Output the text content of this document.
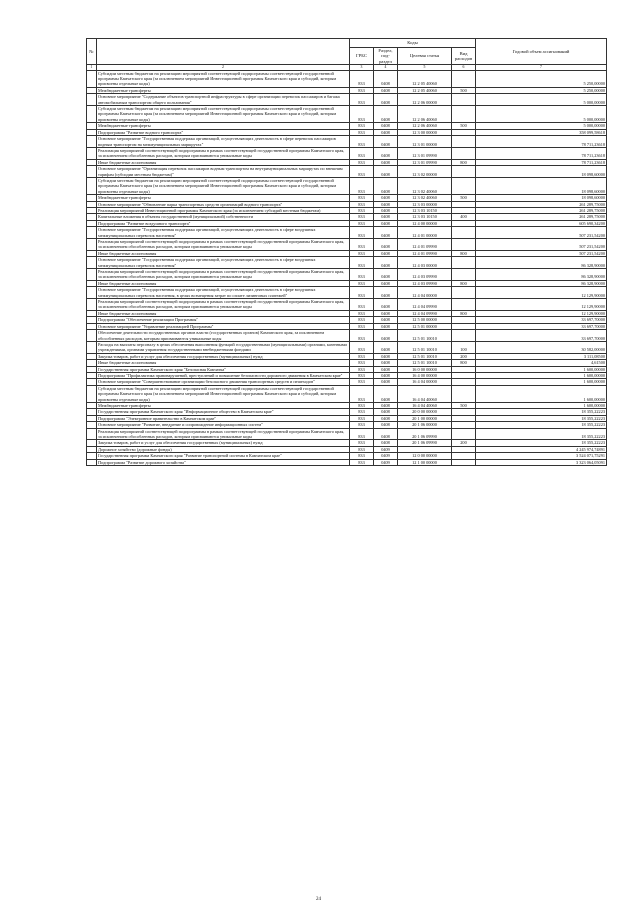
№		Коды				Годовой объем ассигнований
		ГРБС	Раздел, под-раздел	Целевая статья	Вид расходов	
1	2	3	4	5	6	7
	Субсидии местным бюджетам на реализацию мероприятий соответствующей подпрограммы соответствующей государственной программы Камчатского края (за исключением мероприятий Инвестиционной программы Камчатского края и субсидий, которым присвоены отдельные коды)	833	0408	12 2 05 40060		5 250,00000
	Межбюджетные трансферты	833	0408	12 2 05 40060	500	5 250,00000
	Основное мероприятие "Содержание объектов транспортной инфраструктуры в сфере организации перевозок пассажиров и багажа автомобильным транспортом общего пользования"	833	0408	12 2 06 00000		5 000,00000
	Субсидии местным бюджетам на реализацию мероприятий соответствующей подпрограммы соответствующей государственной программы Камчатского края (за исключением мероприятий Инвестиционной программы Камчатского края и субсидий, которым присвоены отдельные коды)	833	0408	12 2 06 40060		5 000,00000
	Межбюджетные трансферты	833	0408	12 2 06 40060	500	5 000,00000
	Подпрограмма "Развитие водного транспорта"	833	0408	12 3 00 00000		358 099,58618
	Основное мероприятие "Государственная поддержка организаций, осуществляющих деятельность в сфере перевозок пассажиров водным транспортом на межмуниципальных маршрутах"	833	0408	12 3 01 00000		78 711,23618
	Реализация мероприятий соответствующей подпрограммы в рамках соответствующей государственной программы Камчатского края, за исключением обособленных расходов, которым присваиваются уникальные коды	833	0408	12 3 01 09990		78 711,23618
	Иные бюджетные ассигнования	833	0408	12 3 01 09990	800	78 711,23618
	Основное мероприятие "Организация перевозок пассажиров водным транспортом на внутримуниципальных маршрутах по внешним тарифам (субсидии местным бюджетам)"	833	0408	12 3 02 00000		18 098,60000
	Субсидии местным бюджетам на реализацию мероприятий соответствующей подпрограммы соответствующей государственной программы Камчатского края (за исключением мероприятий Инвестиционной программы Камчатского края и субсидий, которым присвоены отдельные коды)	833	0408	12 3 02 40060		18 098,60000
	Межбюджетные трансферты	833	0408	12 3 02 40060	500	18 098,60000
	Основное мероприятие "Обновление парка транспортных средств организаций водного транспорта"	833	0408	12 3 03 00000		261 289,75000
	Реализация мероприятий Инвестиционной программы Камчатского края (за исключением субсидий местным бюджетам)	833	0408	12 3 03 10150		261 289,75000
	Капитальные вложения в объекты государственной (муниципальной) собственности	833	0408	12 3 03 10150	400	261 289,75000
	Подпрограмма "Развитие воздушного транспорта"	833	0408	12 4 00 00000		605 690,34200
	Основное мероприятие "Государственная поддержка организаций, осуществляющих деятельность в сфере воздушных межмуниципальных перевозок населения"	833	0408	12 4 01 00000		507 231,54200
	Реализация мероприятий соответствующей подпрограммы в рамках соответствующей государственной программы Камчатского края, за исключением обособленных расходов, которым присваиваются уникальные коды	833	0408	12 4 01 09990		507 231,54200
	Иные бюджетные ассигнования	833	0408	12 4 01 09990	800	507 231,54200
	Основное мероприятие "Государственная поддержка организаций, осуществляющих деятельность в сфере воздушных межмуниципальных перевозок населения"	833	0408	12 4 03 00000		86 328,90000
	Реализация мероприятий соответствующей подпрограммы в рамках соответствующей государственной программы Камчатского края, за исключением обособленных расходов, которым присваиваются уникальные коды	833	0408	12 4 03 09990		86 328,90000
	Иные бюджетные ассигнования	833	0408	12 4 03 09990	800	86 328,90000
	Основное мероприятие "Государственная поддержка организаций, осуществляющих деятельность в сфере воздушных межмуниципальных перевозок населения, в целях возмещения затрат по оплате лизинговых платежей"	833	0408	12 4 04 00000		12 129,90000
	Реализация мероприятий соответствующей подпрограммы в рамках соответствующей государственной программы Камчатского края, за исключением обособленных расходов, которым присваиваются уникальные коды	833	0408	12 4 04 09990		12 129,90000
	Иные бюджетные ассигнования	833	0408	12 4 04 09990	800	12 129,90000
	Подпрограмма "Обеспечение реализации Программы"	833	0408	12 5 00 00000		33 697,70000
	Основное мероприятие "Управление реализацией Программы"	833	0408	12 5 01 00000		33 697,70000
	Обеспечение деятельности государственных органов власти (государственных органов) Камчатского края, за исключением обособленных расходов, которым присваиваются уникальные коды	833	0408	12 5 01 10010		33 697,70000
	Расходы на выплаты персоналу в целях обеспечения выполнения функций государственными (муниципальными) органами, казенными учреждениями, органами управления государственными внебюджетными фондами	833	0408	12 5 01 10010	100	30 582,00000
	Закупка товаров, работ и услуг для обеспечения государственных (муниципальных) нужд	833	0408	12 5 01 10010	200	3 111,08500
	Иные бюджетные ассигнования	833	0408	12 5 01 10010	800	4,61500
	Государственная программа Камчатского края "Безопасная Камчатка"	833	0408	16 0 00 00000		1 600,00000
	Подпрограмма "Профилактика правонарушений, преступлений и повышение безопасности дорожного движения в Камчатском крае"	833	0408	16 4 00 00000		1 600,00000
	Основное мероприятие "Совершенствование организации безопасного движения транспортных средств и пешеходов"	833	0408	16 4 04 00000		1 600,00000
	Субсидии местным бюджетам на реализацию мероприятий соответствующей подпрограммы соответствующей государственной программы Камчатского края (за исключением мероприятий Инвестиционной программы Камчатского края и субсидий, которым присвоены отдельные коды)	833	0408	16 4 04 40060		1 600,00000
	Межбюджетные трансферты	833	0408	16 4 04 40060	500	1 600,00000
	Государственная программа Камчатского края "Информационное общество в Камчатском крае"	833	0408	20 0 00 00000		18 355,22223
	Подпрограмма "Электронное правительство в Камчатском крае"	833	0408	20 1 00 00000		18 355,22223
	Основное мероприятие "Развитие, внедрение и сопровождение информационных систем"	833	0408	20 1 06 00000		18 355,22223
	Реализация мероприятий соответствующей подпрограммы в рамках соответствующей государственной программы Камчатского края, за исключением обособленных расходов, которым присваиваются уникальные коды	833	0408	20 1 06 09990		18 355,22223
	Закупка товаров, работ и услуг для обеспечения государственных (муниципальных) нужд	833	0408	20 1 06 09990	200	18 355,22223
	Дорожное хозяйство (дорожные фонды)	833	0409			4 245 974,74891
	Государственная программа Камчатского края "Развитие транспортной системы в Камчатском крае"	833	0409	12 0 00 00000		3 524 071,75291
	Подпрограмма "Развитие дорожного хозяйства"	833	0409	12 1 00 00000		3 323 064,05091
24
